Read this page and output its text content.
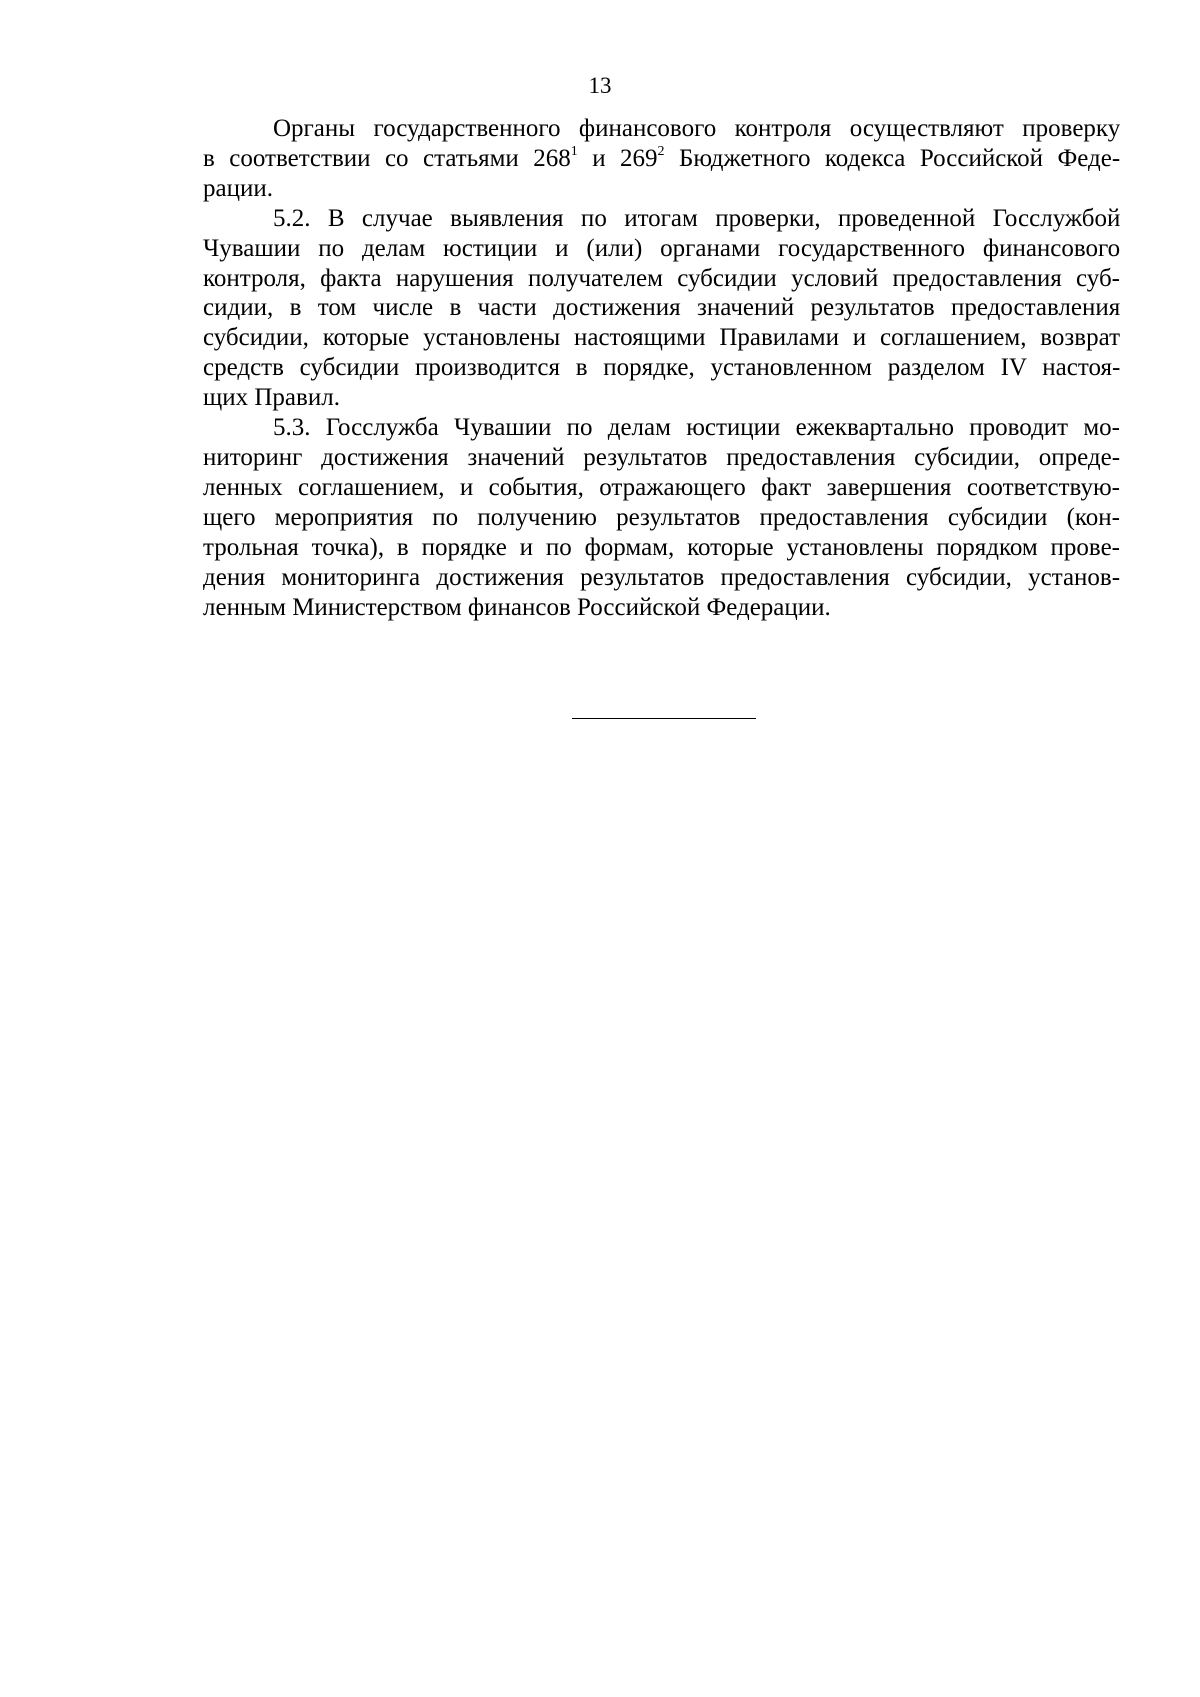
13

Органы государственного финансового контроля осуществляют проверку
в соответствии со статьями $268^1$ и $269^2$ Бюджетного кодекса Российской Феде-
рации.

5.2. В случае выявления по итогам проверки, проведенной Госслужбой
Чувашии по делам юстиции и (или) органами государственного финансового
контроля, факта нарушения получателем субсидии условий предоставления суб-
сидии, в том числе в части достижения значений результатов предоставления
субсидии, которые установлены настоящими Правилами и соглашением, возврат
средств субсидии производится в порядке, установленном разделом IV настоя-
щих Правил.

5.3. Госслужба Чувашии по делам юстиции ежеквартально проводит мо-
ниторинг достижения значений результатов предоставления субсидии, опреде-
ленных соглашением, и события, отражающего факт завершения соответствую-
щего мероприятия по получению результатов предоставления субсидии (кон-
трольная точка), в порядке и по формам, которые установлены порядком прове-
дения мониторинга достижения результатов предоставления субсидии, установ-
ленным Министерством финансов Российской Федерации.
